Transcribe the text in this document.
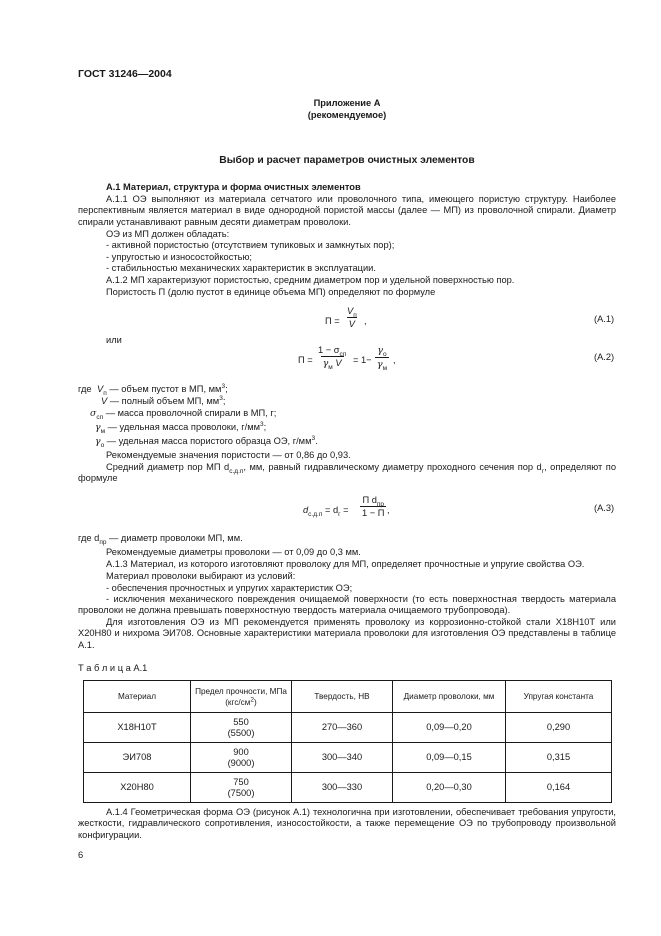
ГОСТ 31246—2004
Приложение А
(рекомендуемое)
Выбор и расчет параметров очистных элементов
А.1 Материал, структура и форма очистных элементов
А.1.1 ОЭ выполняют из материала сетчатого или проволочного типа, имеющего пористую структуру. Наиболее перспективным является материал в виде однородной пористой массы (далее — МП) из проволочной спирали. Диаметр спирали устанавливают равным десяти диаметрам проволоки.
ОЭ из МП должен обладать:
- активной пористостью (отсутствием тупиковых и замкнутых пор);
- упругостью и износостойкостью;
- стабильностью механических характеристик в эксплуатации.
А.1.2 МП характеризуют пористостью, средним диаметром пор и удельной поверхностью пор.
Пористость П (долю пустот в единице объема МП) определяют по формуле
П =
$V_п$
V ,	(А.1)
или
П =
$1 - \sigma_{сп}$
$\gamma_м$ V = 1−
$\gamma_о$
$\gamma_м$
,	(А.2)
где $V_п$ — объем пустот в МП, $мм^3$;
V — полный объем МП, $мм^3$;
$\sigma_{сп}$ — масса проволочной спирали в МП, г;
$\gamma_м$ — удельная масса проволоки, $г/мм^3$;
$\gamma_о$ — удельная масса пористого образца ОЭ, $г/мм^3$.
Рекомендуемые значения пористости — от 0,86 до 0,93.
Средний диаметр пор МП $d_{с.д.п}$, мм, равный гидравлическому диаметру проходного сечения пор $d_г$, определяют по формуле
$d_{с.д.п} = d_г$ =
П $d_{пр}$
1 − П ,	(А.3)
где $d_{пр}$ — диаметр проволоки МП, мм.
Рекомендуемые диаметры проволоки — от 0,09 до 0,3 мм.
А.1.3 Материал, из которого изготовляют проволоку для МП, определяет прочностные и упругие свойства ОЭ.
Материал проволоки выбирают из условий:
- обеспечения прочностных и упругих характеристик ОЭ;
- исключения механического повреждения очищаемой поверхности (то есть поверхностная твердость материала проволоки не должна превышать поверхностную твердость материала очищаемого трубопровода).
Для изготовления ОЭ из МП рекомендуется применять проволоку из коррозионно-стойкой стали Х18Н10Т или Х20Н80 и нихрома ЭИ708. Основные характеристики материала проволоки для изготовления ОЭ представлены в таблице А.1.
Т а б л и ц а А.1
Материал	Предел прочности, МПа $(кгс/см^2)$	Твердость, НВ	Диаметр проволоки, мм	Упругая константа
Х18Н10Т	550
(5500)	270—360	0,09—0,20	0,290
ЭИ708	900
(9000)	300—340	0,09—0,15	0,315
Х20Н80	750
(7500)	300—330	0,20—0,30	0,164
А.1.4 Геометрическая форма ОЭ (рисунок А.1) технологична при изготовлении, обеспечивает требования упругости, жесткости, гидравлического сопротивления, износостойкости, а также перемещение ОЭ по трубопроводу произвольной конфигурации.
6
